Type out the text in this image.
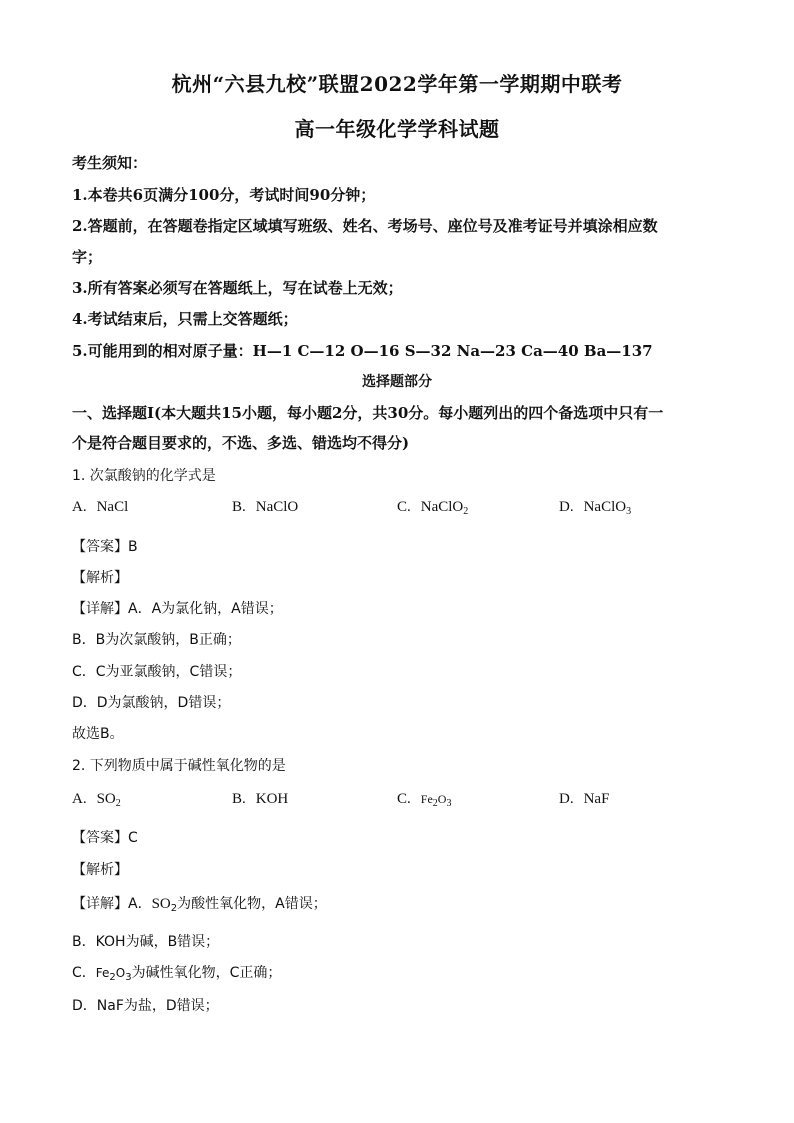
杭州“六县九校”联盟2022学年第一学期期中联考
高一年级化学学科试题
考生须知：
1.本卷共6页满分100分，考试时间90分钟；
2.答题前，在答题卷指定区域填写班级、姓名、考场号、座位号及准考证号并填涂相应数
字；
3.所有答案必须写在答题纸上，写在试卷上无效；
4.考试结束后，只需上交答题纸；
5.可能用到的相对原子量：H—1 C—12 O—16 S—32 Na—23 Ca—40 Ba—137
选择题部分
一、选择题Ⅰ(本大题共15小题，每小题2分，共30分。每小题列出的四个备选项中只有一
个是符合题目要求的，不选、多选、错选均不得分)
1. 次氯酸钠的化学式是
A. NaCl	B. NaClO	C. NaClO$_2$	D. NaClO$_3$
【答案】B
【解析】
【详解】A．A为氯化钠，A错误；
B．B为次氯酸钠，B正确；
C．C为亚氯酸钠，C错误；
D．D为氯酸钠，D错误；
故选B。
2. 下列物质中属于碱性氧化物的是
A. $SO_2$	B. KOH	C. $Fe_2O_3$	D. NaF
【答案】C
【解析】
【详解】A．$SO_2$为酸性氧化物，A错误；
B．KOH为碱，B错误；
C．$Fe_2O_3$为碱性氧化物，C正确；
D．NaF为盐，D错误；
